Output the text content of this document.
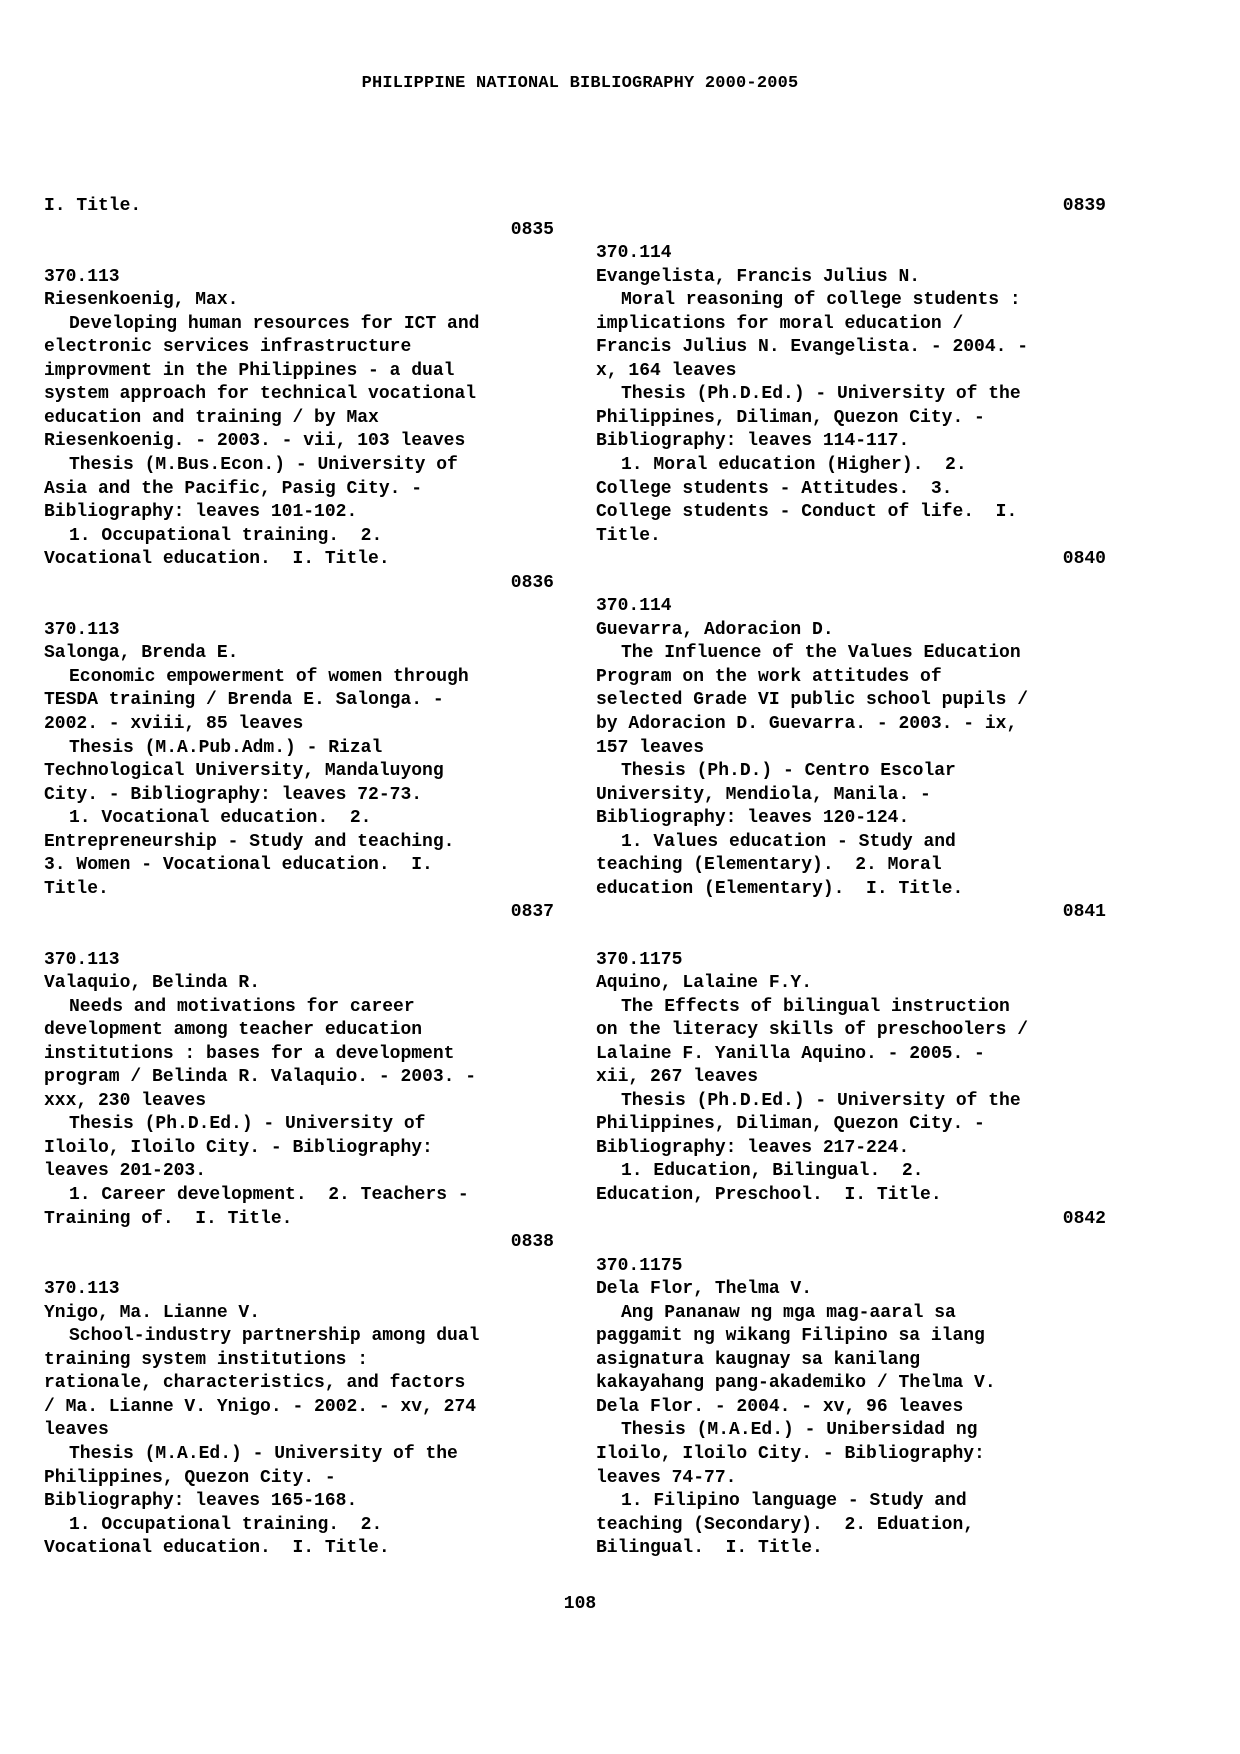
PHILIPPINE NATIONAL BIBLIOGRAPHY 2000-2005
I. Title.
0835
370.113
Riesenkoenig, Max.
Developing human resources for ICT and
electronic services infrastructure
improvment in the Philippines - a dual
system approach for technical vocational
education and training / by Max
Riesenkoenig. - 2003. - vii, 103 leaves
Thesis (M.Bus.Econ.) - University of
Asia and the Pacific, Pasig City. -
Bibliography: leaves 101-102.
1. Occupational training.  2.
Vocational education.  I. Title.
0836
370.113
Salonga, Brenda E.
Economic empowerment of women through
TESDA training / Brenda E. Salonga. -
2002. - xviii, 85 leaves
Thesis (M.A.Pub.Adm.) - Rizal
Technological University, Mandaluyong
City. - Bibliography: leaves 72-73.
1. Vocational education.  2.
Entrepreneurship - Study and teaching.
3. Women - Vocational education.  I.
Title.
0837
370.113
Valaquio, Belinda R.
Needs and motivations for career
development among teacher education
institutions : bases for a development
program / Belinda R. Valaquio. - 2003. -
xxx, 230 leaves
Thesis (Ph.D.Ed.) - University of
Iloilo, Iloilo City. - Bibliography:
leaves 201-203.
1. Career development.  2. Teachers -
Training of.  I. Title.
0838
370.113
Ynigo, Ma. Lianne V.
School-industry partnership among dual
training system institutions :
rationale, characteristics, and factors
/ Ma. Lianne V. Ynigo. - 2002. - xv, 274
leaves
Thesis (M.A.Ed.) - University of the
Philippines, Quezon City. -
Bibliography: leaves 165-168.
1. Occupational training.  2.
Vocational education.  I. Title.
0839
370.114
Evangelista, Francis Julius N.
Moral reasoning of college students :
implications for moral education /
Francis Julius N. Evangelista. - 2004. -
x, 164 leaves
Thesis (Ph.D.Ed.) - University of the
Philippines, Diliman, Quezon City. -
Bibliography: leaves 114-117.
1. Moral education (Higher).  2.
College students - Attitudes.  3.
College students - Conduct of life.  I.
Title.
0840
370.114
Guevarra, Adoracion D.
The Influence of the Values Education
Program on the work attitudes of
selected Grade VI public school pupils /
by Adoracion D. Guevarra. - 2003. - ix,
157 leaves
Thesis (Ph.D.) - Centro Escolar
University, Mendiola, Manila. -
Bibliography: leaves 120-124.
1. Values education - Study and
teaching (Elementary).  2. Moral
education (Elementary).  I. Title.
0841
370.1175
Aquino, Lalaine F.Y.
The Effects of bilingual instruction
on the literacy skills of preschoolers /
Lalaine F. Yanilla Aquino. - 2005. -
xii, 267 leaves
Thesis (Ph.D.Ed.) - University of the
Philippines, Diliman, Quezon City. -
Bibliography: leaves 217-224.
1. Education, Bilingual.  2.
Education, Preschool.  I. Title.
0842
370.1175
Dela Flor, Thelma V.
Ang Pananaw ng mga mag-aaral sa
paggamit ng wikang Filipino sa ilang
asignatura kaugnay sa kanilang
kakayahang pang-akademiko / Thelma V.
Dela Flor. - 2004. - xv, 96 leaves
Thesis (M.A.Ed.) - Unibersidad ng
Iloilo, Iloilo City. - Bibliography:
leaves 74-77.
1. Filipino language - Study and
teaching (Secondary).  2. Eduation,
Bilingual.  I. Title.
108
